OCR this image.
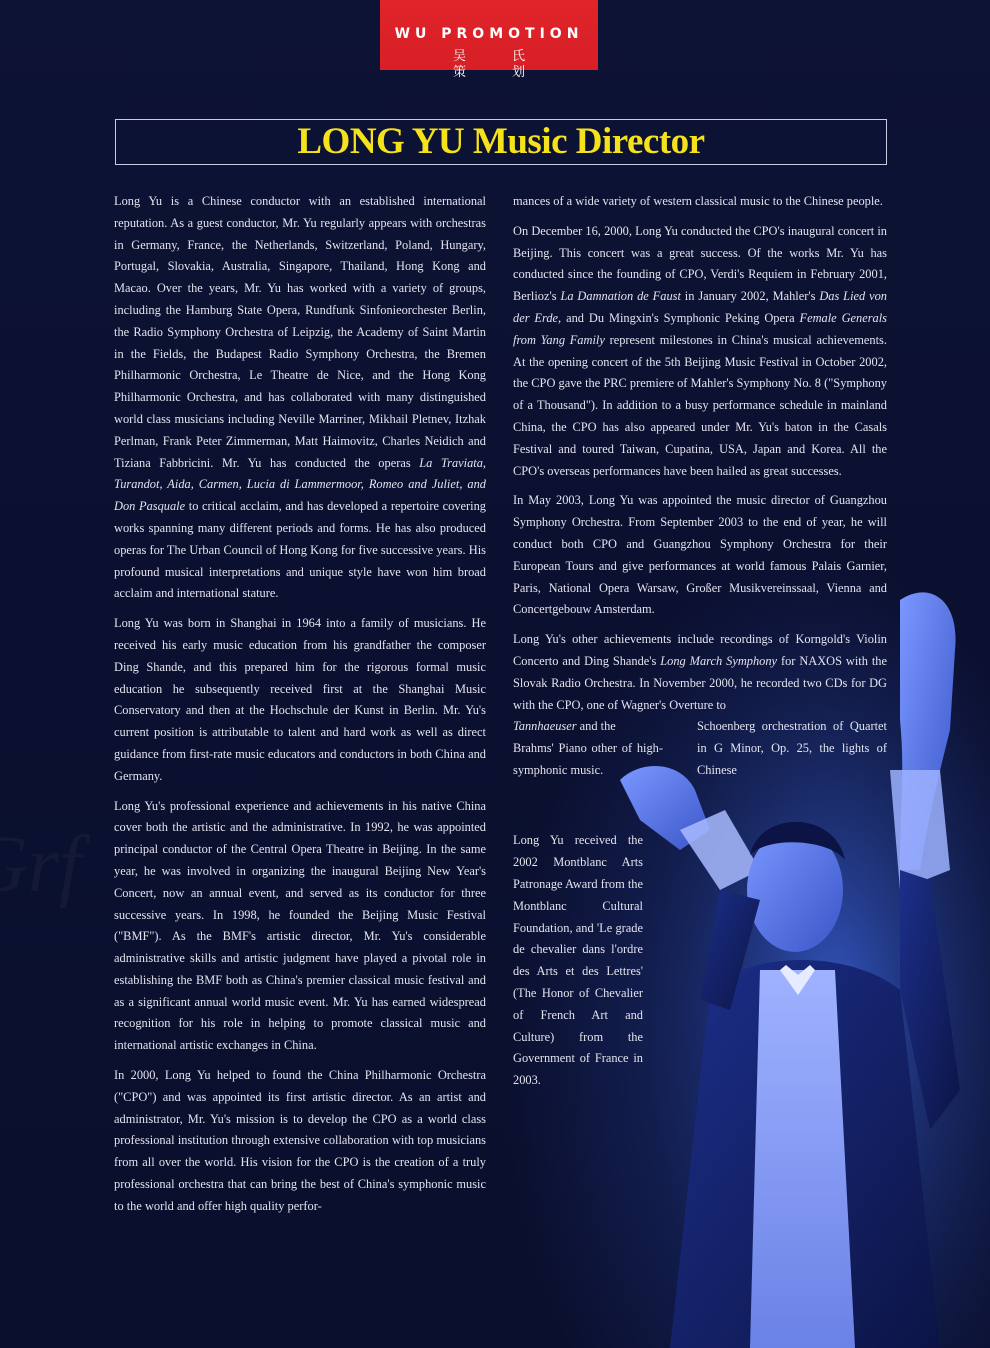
WU PROMOTION
吴氏策划
LONG YU Music Director

Long Yu is a Chinese conductor with an established international reputation. As a guest conductor, Mr. Yu regularly appears with orchestras in Germany, France, the Netherlands, Switzerland, Poland, Hungary, Portugal, Slovakia, Australia, Singapore, Thailand, Hong Kong and Macao. Over the years, Mr. Yu has worked with a variety of groups, including the Hamburg State Opera, Rundfunk Sinfonieorchester Berlin, the Radio Symphony Orchestra of Leipzig, the Academy of Saint Martin in the Fields, the Budapest Radio Symphony Orchestra, the Bremen Philharmonic Orchestra, Le Theatre de Nice, and the Hong Kong Philharmonic Orchestra, and has collaborated with many distinguished world class musicians including Neville Marriner, Mikhail Pletnev, Itzhak Perlman, Frank Peter Zimmerman, Matt Haimovitz, Charles Neidich and Tiziana Fabbricini. Mr. Yu has conducted the operas La Traviata, Turandot, Aida, Carmen, Lucia di Lammermoor, Romeo and Juliet, and Don Pasquale to critical acclaim, and has developed a repertoire covering works spanning many different periods and forms. He has also produced operas for The Urban Council of Hong Kong for five successive years. His profound musical interpretations and unique style have won him broad acclaim and international stature.

Long Yu was born in Shanghai in 1964 into a family of musicians. He received his early music education from his grandfather the composer Ding Shande, and this prepared him for the rigorous formal music education he subsequently received first at the Shanghai Music Conservatory and then at the Hochschule der Kunst in Berlin. Mr. Yu's current position is attributable to talent and hard work as well as direct guidance from first-rate music educators and conductors in both China and Germany.

Long Yu's professional experience and achievements in his native China cover both the artistic and the administrative. In 1992, he was appointed principal conductor of the Central Opera Theatre in Beijing. In the same year, he was involved in organizing the inaugural Beijing New Year's Concert, now an annual event, and served as its conductor for three successive years. In 1998, he founded the Beijing Music Festival ("BMF"). As the BMF's artistic director, Mr. Yu's considerable administrative skills and artistic judgment have played a pivotal role in establishing the BMF both as China's premier classical music festival and as a significant annual world music event. Mr. Yu has earned widespread recognition for his role in helping to promote classical music and international artistic exchanges in China.

In 2000, Long Yu helped to found the China Philharmonic Orchestra ("CPO") and was appointed its first artistic director. As an artist and administrator, Mr. Yu's mission is to develop the CPO as a world class professional institution through extensive collaboration with top musicians from all over the world. His vision for the CPO is the creation of a truly professional orchestra that can bring the best of China's symphonic music to the world and offer high quality perfor-

mances of a wide variety of western classical music to the Chinese people.

On December 16, 2000, Long Yu conducted the CPO's inaugural concert in Beijing. This concert was a great success. Of the works Mr. Yu has conducted since the founding of CPO, Verdi's Requiem in February 2001, Berlioz's La Damnation de Faust in January 2002, Mahler's Das Lied von der Erde, and Du Mingxin's Symphonic Peking Opera Female Generals from Yang Family represent milestones in China's musical achievements. At the opening concert of the 5th Beijing Music Festival in October 2002, the CPO gave the PRC premiere of Mahler's Symphony No. 8 ("Symphony of a Thousand"). In addition to a busy performance schedule in mainland China, the CPO has also appeared under Mr. Yu's baton in the Casals Festival and toured Taiwan, Cupatina, USA, Japan and Korea. All the CPO's overseas performances have been hailed as great successes.

In May 2003, Long Yu was appointed the music director of Guangzhou Symphony Orchestra. From September 2003 to the end of year, he will conduct both CPO and Guangzhou Symphony Orchestra for their European Tours and give performances at world famous Palais Garnier, Paris, National Opera Warsaw, Großer Musikvereinssaal, Vienna and Concertgebouw Amsterdam.

Long Yu's other achievements include recordings of Korngold's Violin Concerto and Ding Shande's Long March Symphony for NAXOS with the Slovak Radio Orchestra. In November 2000, he recorded two CDs for DG with the CPO, one of Wagner's Overture to

Tannhaeuser and the
Brahms' Piano other of high-symphonic music.
Schoenberg orchestration of Quartet in G Minor, Op. 25, the lights of Chinese

Long Yu received the 2002 Montblanc Arts Patronage Award from the Montblanc Cultural Foundation, and 'Le grade de chevalier dans l'ordre des Arts et des Lettres' (The Honor of Chevalier of French Art and Culture) from the Government of France in 2003.
